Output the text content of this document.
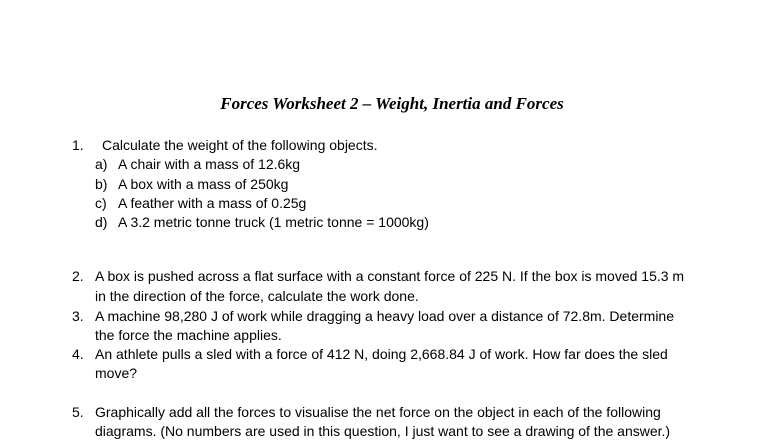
Forces Worksheet 2 – Weight, Inertia and Forces
1. Calculate the weight of the following objects.
a) A chair with a mass of 12.6kg
b) A box with a mass of 250kg
c) A feather with a mass of 0.25g
d) A 3.2 metric tonne truck (1 metric tonne = 1000kg)
2. A box is pushed across a flat surface with a constant force of 225 N. If the box is moved 15.3 m
in the direction of the force, calculate the work done.
3. A machine 98,280 J of work while dragging a heavy load over a distance of 72.8m. Determine
the force the machine applies.
4. An athlete pulls a sled with a force of 412 N, doing 2,668.84 J of work. How far does the sled
move?
5. Graphically add all the forces to visualise the net force on the object in each of the following
diagrams. (No numbers are used in this question, I just want to see a drawing of the answer.)
